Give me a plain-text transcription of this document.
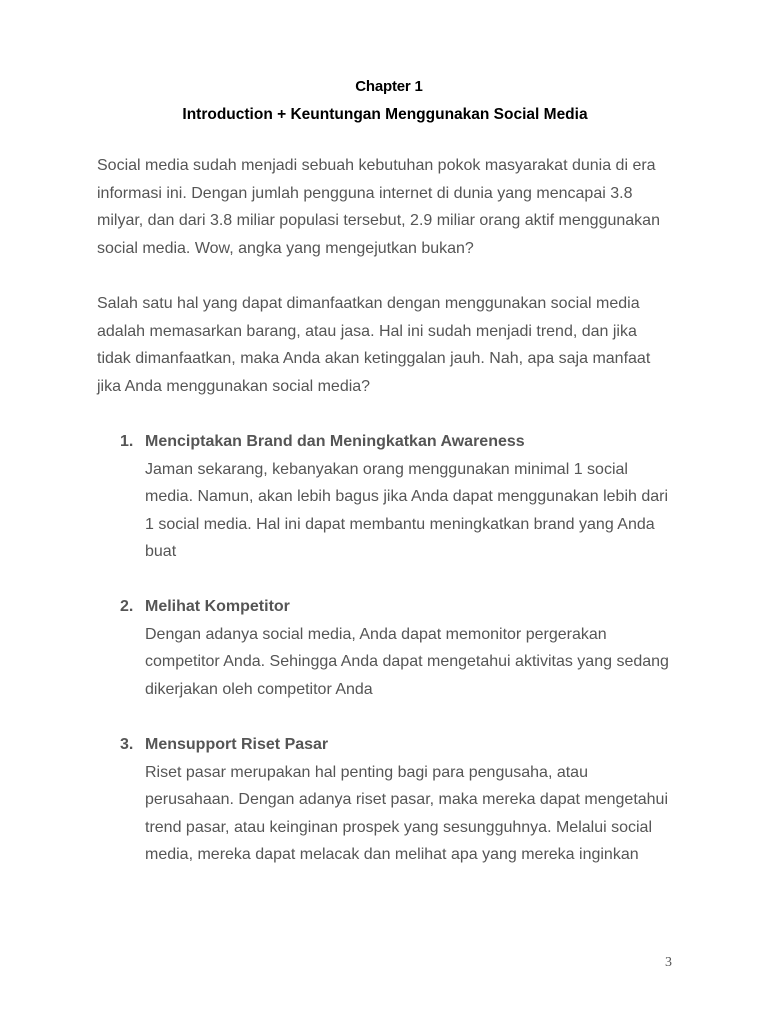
Chapter 1
Introduction + Keuntungan Menggunakan Social Media

Social media sudah menjadi sebuah kebutuhan pokok masyarakat dunia di era
informasi ini. Dengan jumlah pengguna internet di dunia yang mencapai 3.8
milyar, dan dari 3.8 miliar populasi tersebut, 2.9 miliar orang aktif menggunakan
social media. Wow, angka yang mengejutkan bukan?

Salah satu hal yang dapat dimanfaatkan dengan menggunakan social media
adalah memasarkan barang, atau jasa. Hal ini sudah menjadi trend, dan jika
tidak dimanfaatkan, maka Anda akan ketinggalan jauh. Nah, apa saja manfaat
jika Anda menggunakan social media?

1. Menciptakan Brand dan Meningkatkan Awareness
Jaman sekarang, kebanyakan orang menggunakan minimal 1 social
media. Namun, akan lebih bagus jika Anda dapat menggunakan lebih dari
1 social media. Hal ini dapat membantu meningkatkan brand yang Anda
buat
2. Melihat Kompetitor
Dengan adanya social media, Anda dapat memonitor pergerakan
competitor Anda. Sehingga Anda dapat mengetahui aktivitas yang sedang
dikerjakan oleh competitor Anda
3. Mensupport Riset Pasar
Riset pasar merupakan hal penting bagi para pengusaha, atau
perusahaan. Dengan adanya riset pasar, maka mereka dapat mengetahui
trend pasar, atau keinginan prospek yang sesungguhnya. Melalui social
media, mereka dapat melacak dan melihat apa yang mereka inginkan
3
